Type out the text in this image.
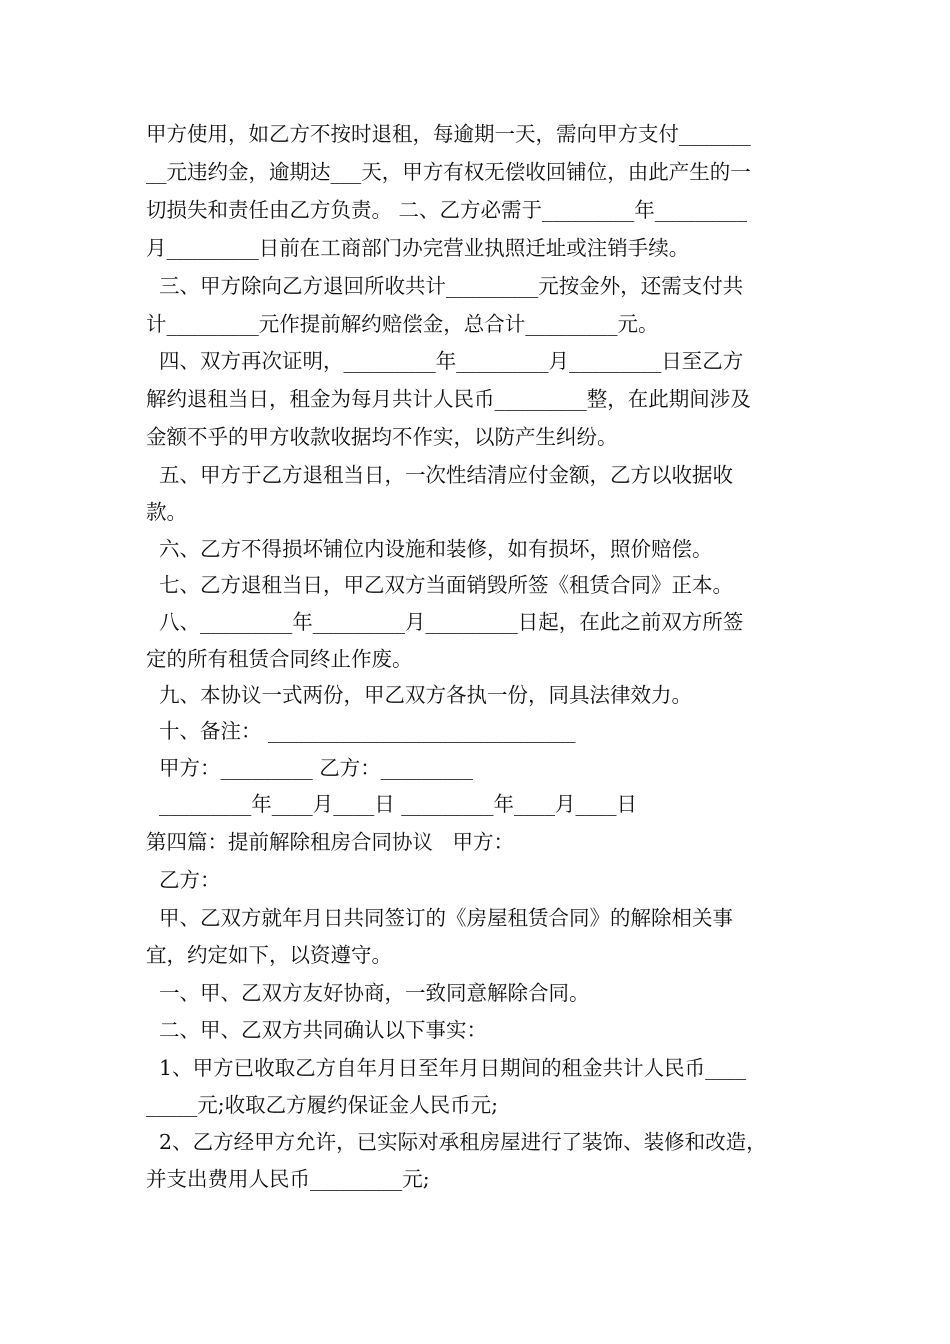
甲方使用，如乙方不按时退租，每逾期一天，需向甲方支付_______
__元违约金，逾期达___天，甲方有权无偿收回铺位，由此产生的一
切损失和责任由乙方负责。 二、乙方必需于_________年_________
月_________日前在工商部门办完营业执照迁址或注销手续。
三、甲方除向乙方退回所收共计_________元按金外，还需支付共
计_________元作提前解约赔偿金，总合计_________元。
四、双方再次证明，_________年_________月_________日至乙方
解约退租当日，租金为每月共计人民币_________整，在此期间涉及
金额不乎的甲方收款收据均不作实，以防产生纠纷。
五、甲方于乙方退租当日，一次性结清应付金额，乙方以收据收
款。
六、乙方不得损坏铺位内设施和装修，如有损坏，照价赔偿。
七、乙方退租当日，甲乙双方当面销毁所签《租赁合同》正本。
八、_________年_________月_________日起，在此之前双方所签
定的所有租赁合同终止作废。
九、本协议一式两份，甲乙双方各执一份，同具法律效力。
十、备注： ______________________________
甲方：_________ 乙方：_________
_________年____月____日 _________年____月____日
第四篇：提前解除租房合同协议   甲方：
乙方：
甲、乙双方就年月日共同签订的《房屋租赁合同》的解除相关事
宜，约定如下，以资遵守。
一、甲、乙双方友好协商，一致同意解除合同。
二、甲、乙双方共同确认以下事实：
1、甲方已收取乙方自年月日至年月日期间的租金共计人民币____
_____元;收取乙方履约保证金人民币元;
2、乙方经甲方允许，已实际对承租房屋进行了装饰、装修和改造，
并支出费用人民币_________元;
